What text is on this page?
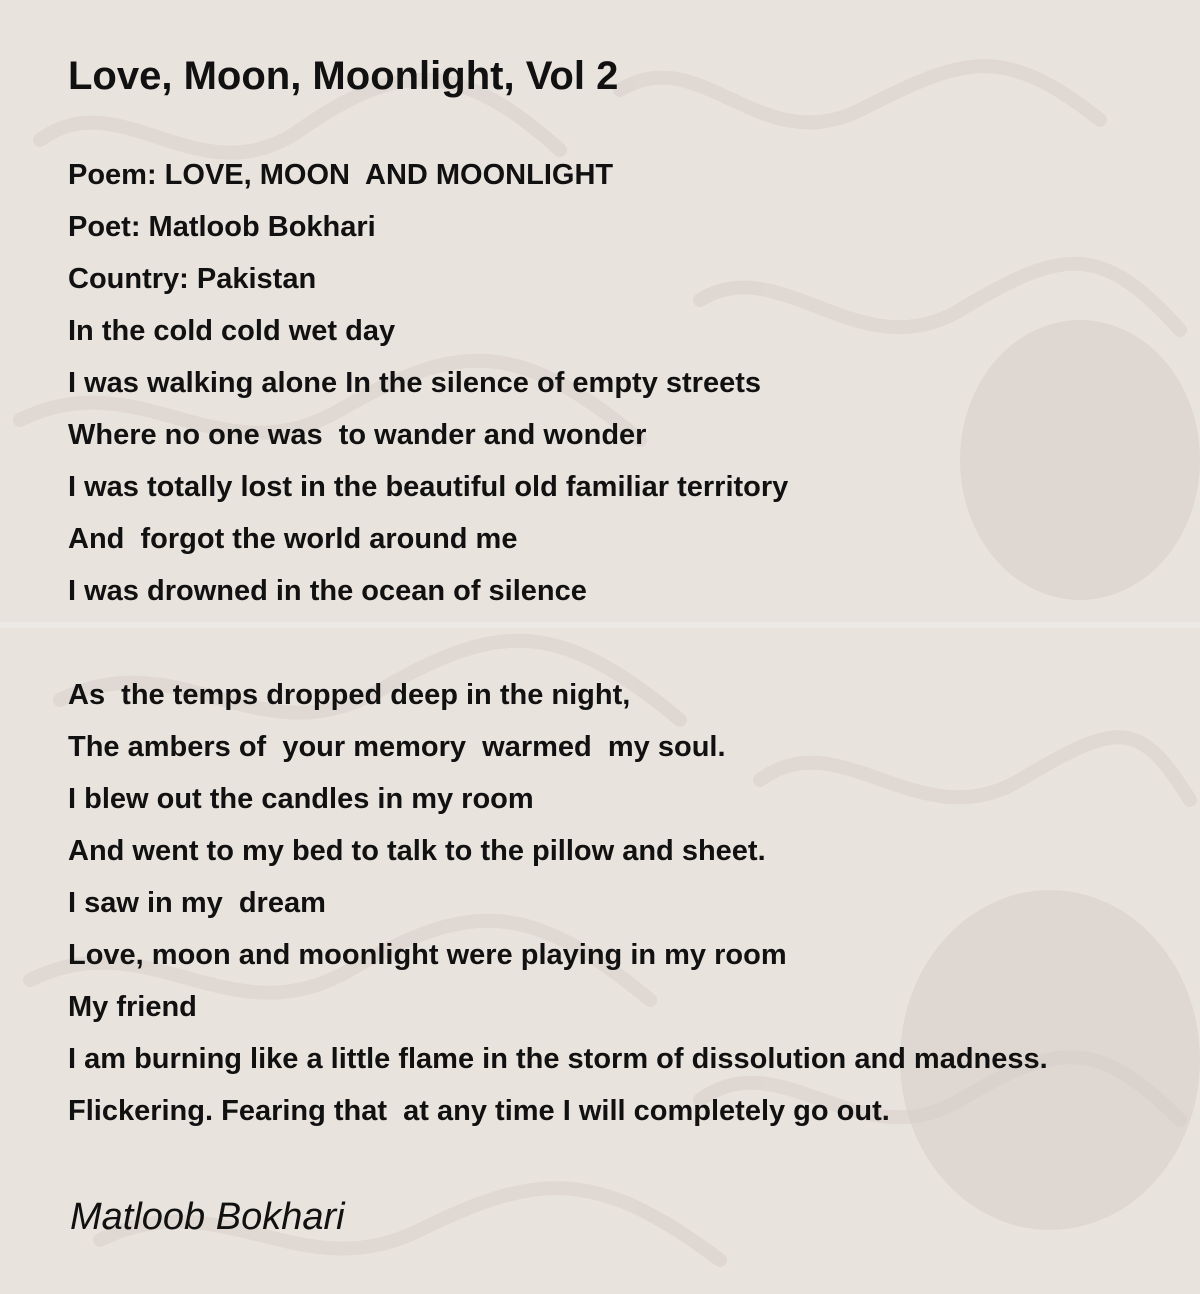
Love, Moon, Moonlight, Vol 2
Poem: LOVE, MOON  AND MOONLIGHT
Poet: Matloob Bokhari
Country: Pakistan
In the cold cold wet day
I was walking alone In the silence of empty streets
Where no one was  to wander and wonder
I was totally lost in the beautiful old familiar territory
And  forgot the world around me
I was drowned in the ocean of silence
As  the temps dropped deep in the night,
The ambers of  your memory  warmed  my soul.
I blew out the candles in my room
And went to my bed to talk to the pillow and sheet.
I saw in my  dream
Love, moon and moonlight were playing in my room
My friend
I am burning like a little flame in the storm of dissolution and madness.
Flickering. Fearing that  at any time I will completely go out.
Matloob Bokhari
